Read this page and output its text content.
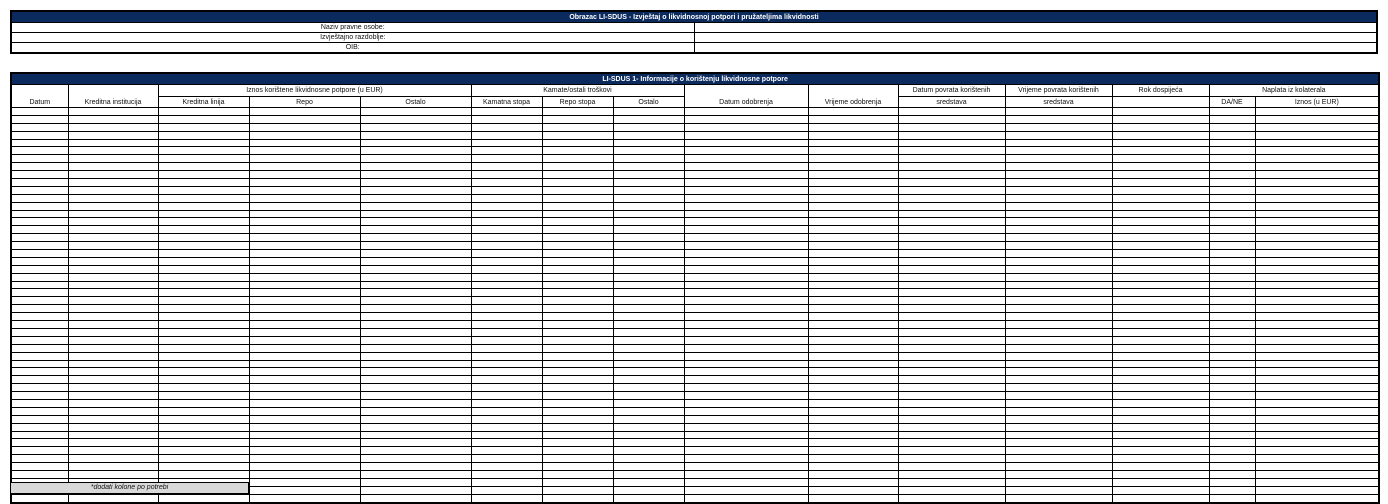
Obrazac LI-SDUS - Izvještaj o likvidnosnoj potpori i pružateljima likvidnosti	
Naziv pravne osobe:	
Izvještajno razdoblje:	
OIB:	
LI-SDUS 1- Informacije o korištenju likvidnosne potpore														
Datum	Kreditna institucija	Iznos korištene likvidnosne potpore (u EUR)			Kamate/ostali troškovi			Datum odobrenja	Vrijeme odobrenja	Datum povrata korištenih	Vrijeme povrata korištenih	Rok dospijeća	Naplata iz kolaterala	
		Kreditna linija	Repo	Ostalo	Kamatna stopa	Repo stopa	Ostalo			sredstava	sredstava		DA/NE	Iznos (u EUR)

*dodati kolone po potrebi
